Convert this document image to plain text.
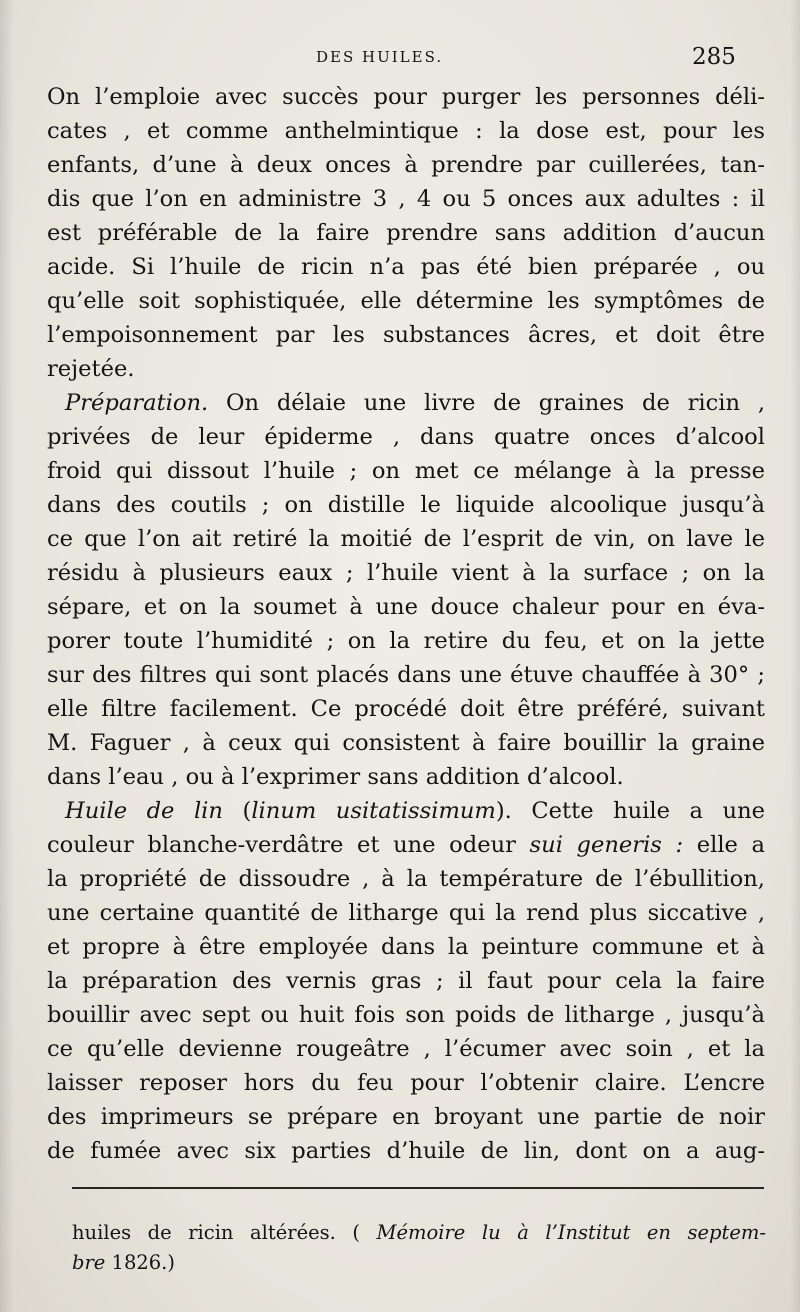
DES HUILES.	285
On l’emploie avec succès pour purger les personnes déli-
cates , et comme anthelmintique : la dose est, pour les
enfants, d’une à deux onces à prendre par cuillerées, tan-
dis que l’on en administre 3 , 4 ou 5 onces aux adultes : il
est préférable de la faire prendre sans addition d’aucun
acide. Si l’huile de ricin n’a pas été bien préparée , ou
qu’elle soit sophistiquée, elle détermine les symptômes de
l’empoisonnement par les substances âcres, et doit être
rejetée.
Préparation. On délaie une livre de graines de ricin ,
privées de leur épiderme , dans quatre onces d’alcool
froid qui dissout l’huile ; on met ce mélange à la presse
dans des coutils ; on distille le liquide alcoolique jusqu’à
ce que l’on ait retiré la moitié de l’esprit de vin, on lave le
résidu à plusieurs eaux ; l’huile vient à la surface ; on la
sépare, et on la soumet à une douce chaleur pour en éva-
porer toute l’humidité ; on la retire du feu, et on la jette
sur des filtres qui sont placés dans une étuve chauffée à 30° ;
elle filtre facilement. Ce procédé doit être préféré, suivant
M. Faguer , à ceux qui consistent à faire bouillir la graine
dans l’eau , ou à l’exprimer sans addition d’alcool.
Huile de lin (linum usitatissimum). Cette huile a une
couleur blanche-verdâtre et une odeur sui generis : elle a
la propriété de dissoudre , à la température de l’ébullition,
une certaine quantité de litharge qui la rend plus siccative ,
et propre à être employée dans la peinture commune et à
la préparation des vernis gras ; il faut pour cela la faire
bouillir avec sept ou huit fois son poids de litharge , jusqu’à
ce qu’elle devienne rougeâtre , l’écumer avec soin , et la
laisser reposer hors du feu pour l’obtenir claire. L’encre
des imprimeurs se prépare en broyant une partie de noir
de fumée avec six parties d’huile de lin, dont on a aug-
huiles de ricin altérées. ( Mémoire lu à l’Institut en septem-
bre 1826.)
